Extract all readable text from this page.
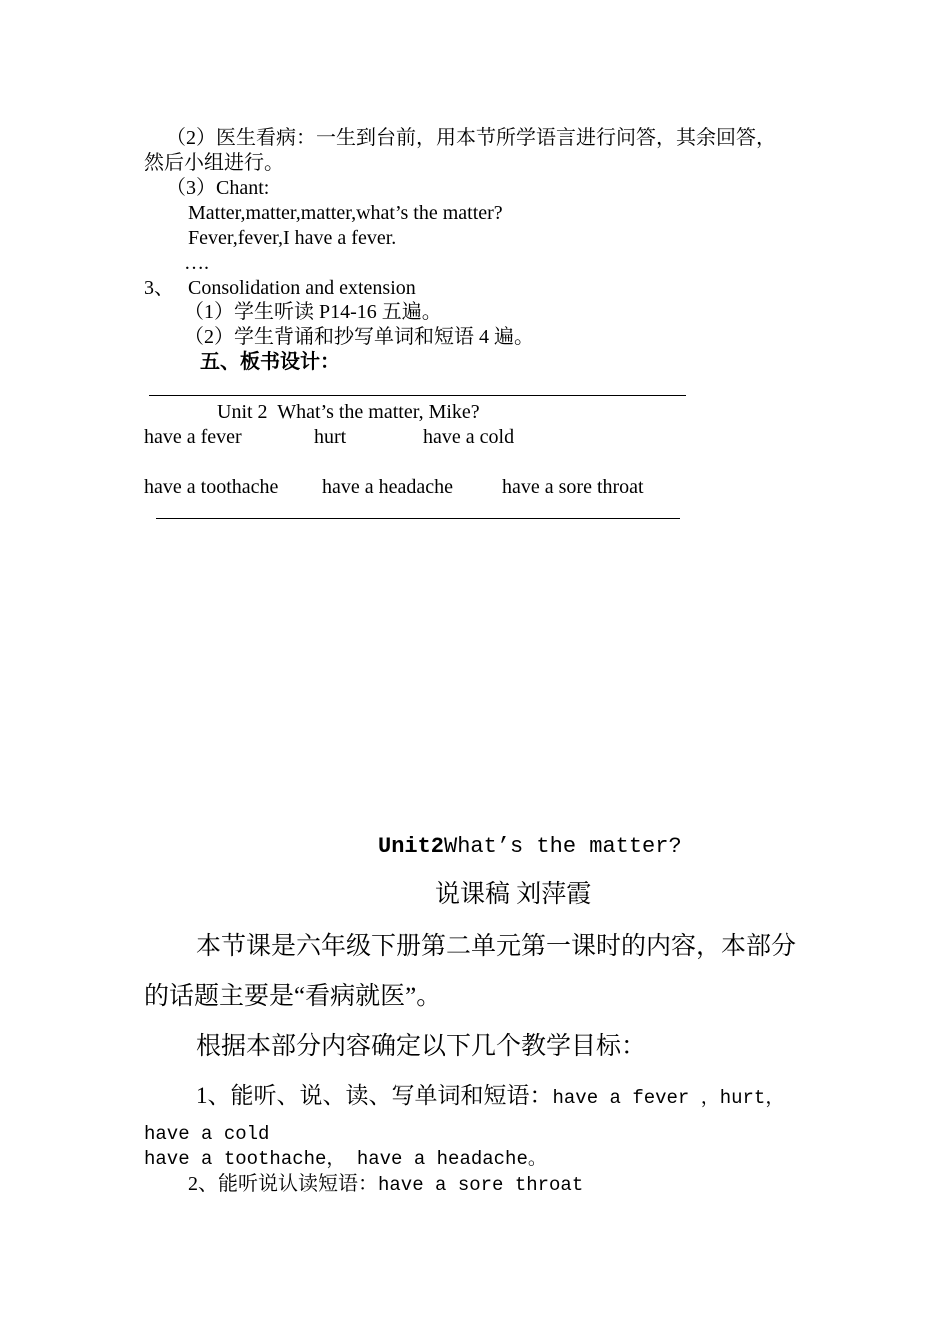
（2）医生看病：一生到台前，用本节所学语言进行问答，其余回答，
然后小组进行。
（3）Chant:
Matter,matter,matter,what’s the matter?
Fever,fever,I have a fever.
….
3、 Consolidation and extension
（1）学生听读 P14-16 五遍。
（2）学生背诵和抄写单词和短语 4 遍。
五、板书设计：
Unit 2  What’s the matter, Mike?
have a fever	hurt	have a cold
have a toothache have a headache have a sore throat
Unit2What’s the matter?
说课稿 刘萍霞
本节课是六年级下册第二单元第一课时的内容，本部分
的话题主要是“看病就医”。
根据本部分内容确定以下几个教学目标：
1、能听、说、读、写单词和短语：have a fever ，hurt，
have a cold
have a toothache， have a headache。
2、能听说认读短语：have a sore throat
